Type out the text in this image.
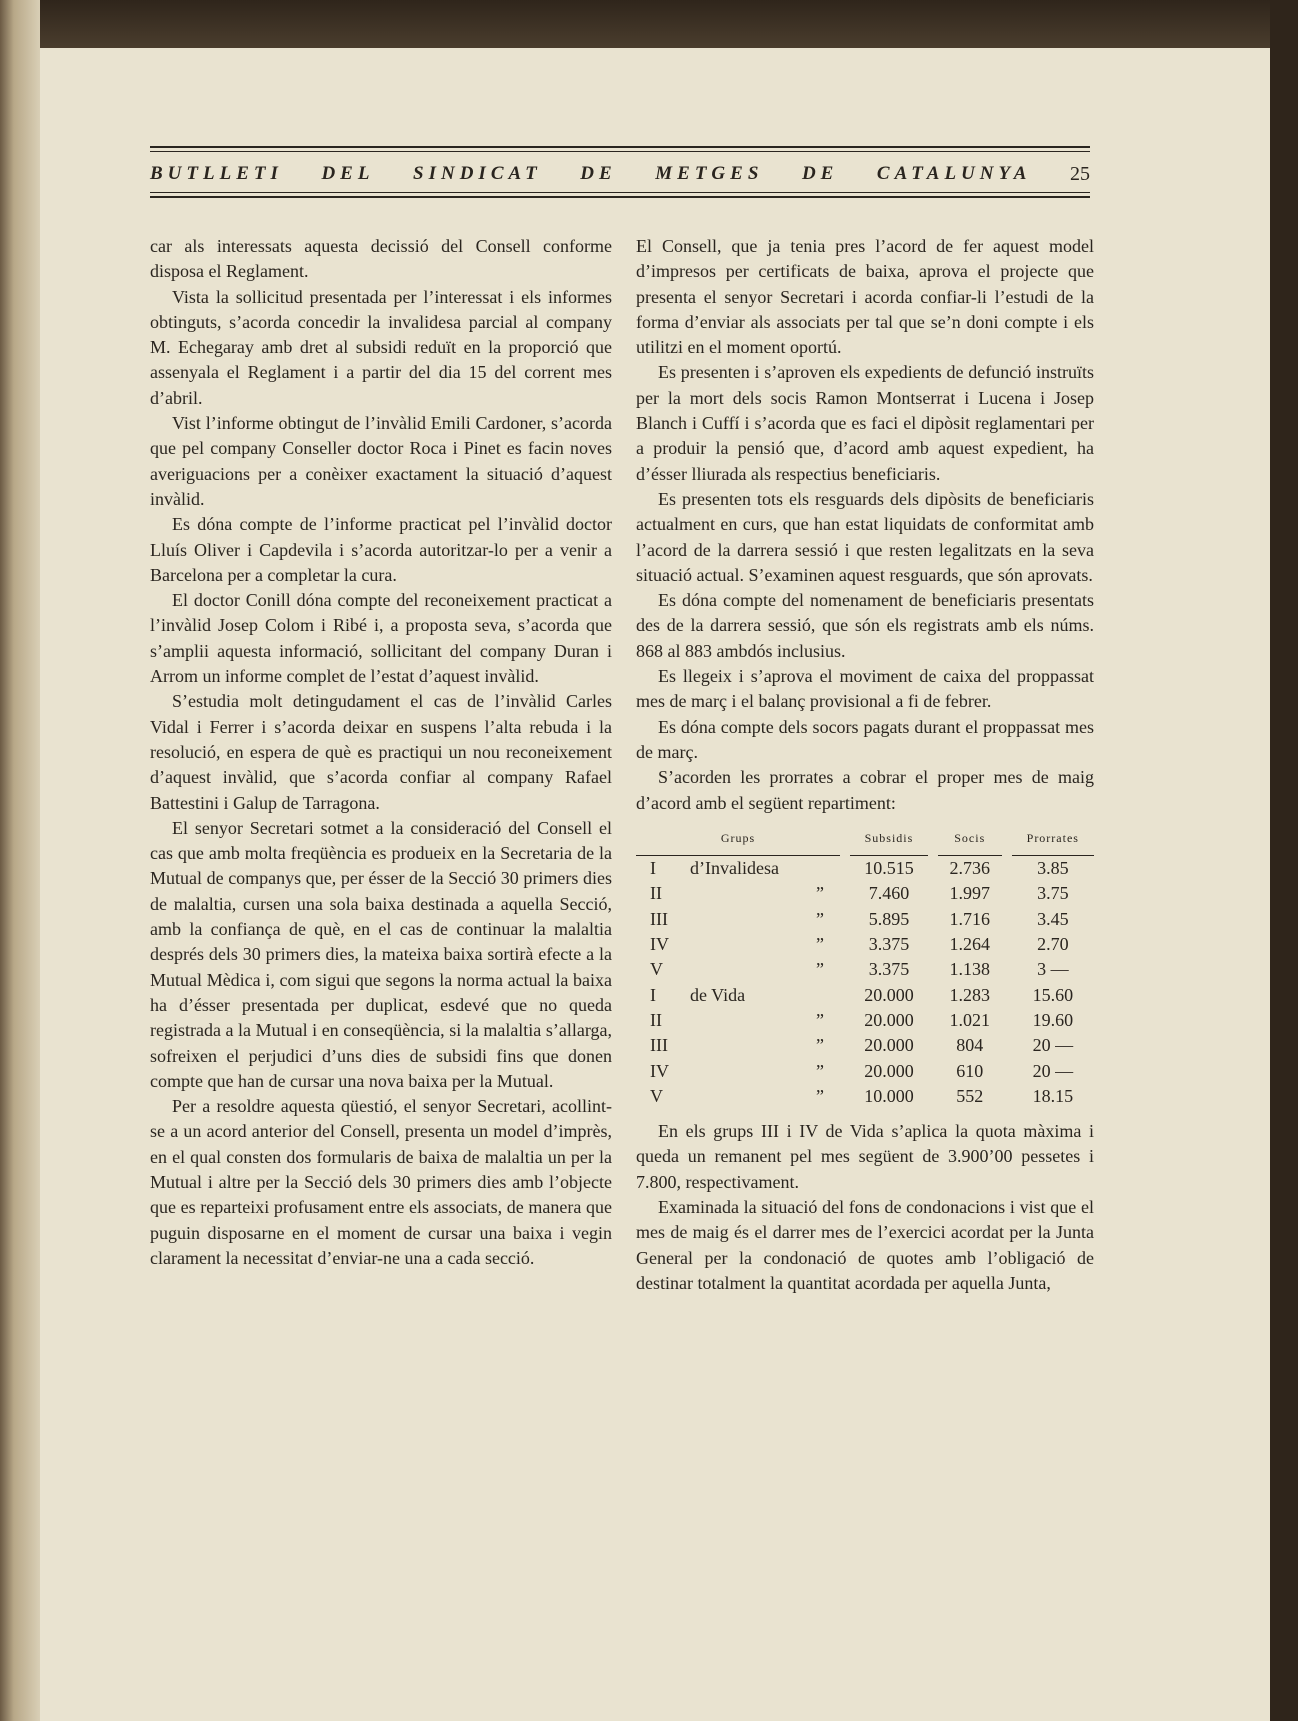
BUTLLETI DEL SINDICAT DE METGES DE CATALUNYA 25

car als interessats aquesta decissió del Consell conforme disposa el Reglament.

Vista la sollicitud presentada per l’interessat i els informes obtinguts, s’acorda concedir la invalidesa parcial al company M. Echegaray amb dret al subsidi reduït en la proporció que assenyala el Reglament i a partir del dia 15 del corrent mes d’abril.

Vist l’informe obtingut de l’invàlid Emili Cardoner, s’acorda que pel company Conseller doctor Roca i Pinet es facin noves averiguacions per a conèixer exactament la situació d’aquest invàlid.

Es dóna compte de l’informe practicat pel l’invàlid doctor Lluís Oliver i Capdevila i s’acorda autoritzar-lo per a venir a Barcelona per a completar la cura.

El doctor Conill dóna compte del reconeixement practicat a l’invàlid Josep Colom i Ribé i, a proposta seva, s’acorda que s’amplii aquesta informació, sollicitant del company Duran i Arrom un informe complet de l’estat d’aquest invàlid.

S’estudia molt detingudament el cas de l’invàlid Carles Vidal i Ferrer i s’acorda deixar en suspens l’alta rebuda i la resolució, en espera de què es practiqui un nou reconeixement d’aquest invàlid, que s’acorda confiar al company Rafael Battestini i Galup de Tarragona.

El senyor Secretari sotmet a la consideració del Consell el cas que amb molta freqüència es produeix en la Secretaria de la Mutual de companys que, per ésser de la Secció 30 primers dies de malaltia, cursen una sola baixa destinada a aquella Secció, amb la confiança de què, en el cas de continuar la malaltia després dels 30 primers dies, la mateixa baixa sortirà efecte a la Mutual Mèdica i, com sigui que segons la norma actual la baixa ha d’ésser presentada per duplicat, esdevé que no queda registrada a la Mutual i en conseqüència, si la malaltia s’allarga, sofreixen el perjudici d’uns dies de subsidi fins que donen compte que han de cursar una nova baixa per la Mutual.

Per a resoldre aquesta qüestió, el senyor Secretari, acollint-se a un acord anterior del Consell, presenta un model d’imprès, en el qual consten dos formularis de baixa de malaltia un per la Mutual i altre per la Secció dels 30 primers dies amb l’objecte que es reparteixi profusament entre els associats, de manera que puguin disposarne en el moment de cursar una baixa i vegin clarament la necessitat d’enviar-ne una a cada secció.

El Consell, que ja tenia pres l’acord de fer aquest model d’impresos per certificats de baixa, aprova el projecte que presenta el senyor Secretari i acorda confiar-li l’estudi de la forma d’enviar als associats per tal que se’n doni compte i els utilitzi en el moment oportú.

Es presenten i s’aproven els expedients de defunció instruïts per la mort dels socis Ramon Montserrat i Lucena i Josep Blanch i Cuffí i s’acorda que es faci el dipòsit reglamentari per a produir la pensió que, d’acord amb aquest expedient, ha d’ésser lliurada als respectius beneficiaris.

Es presenten tots els resguards dels dipòsits de beneficiaris actualment en curs, que han estat liquidats de conformitat amb l’acord de la darrera sessió i que resten legalitzats en la seva situació actual. S’examinen aquest resguards, que són aprovats.

Es dóna compte del nomenament de beneficiaris presentats des de la darrera sessió, que són els registrats amb els núms. 868 al 883 ambdós inclusius.

Es llegeix i s’aprova el moviment de caixa del proppassat mes de març i el balanç provisional a fi de febrer.

Es dóna compte dels socors pagats durant el proppassat mes de març.

S’acorden les prorrates a cobrar el proper mes de maig d’acord amb el següent repartiment:

Grups				Subsidis		Socis		Prorrates
I	d’Invalidesa			10.515		2.736		3.85
II		”		7.460		1.997		3.75
III		”		5.895		1.716		3.45
IV		”		3.375		1.264		2.70
V		”		3.375		1.138		3 —
I	de Vida			20.000		1.283		15.60
II		”		20.000		1.021		19.60
III		”		20.000		804		20 —
IV		”		20.000		610		20 —
V		”		10.000		552		18.15

En els grups III i IV de Vida s’aplica la quota màxima i queda un remanent pel mes següent de 3.900’00 pessetes i 7.800, respectivament.

Examinada la situació del fons de condonacions i vist que el mes de maig és el darrer mes de l’exercici acordat per la Junta General per la condonació de quotes amb l’obligació de destinar totalment la quantitat acordada per aquella Junta,
